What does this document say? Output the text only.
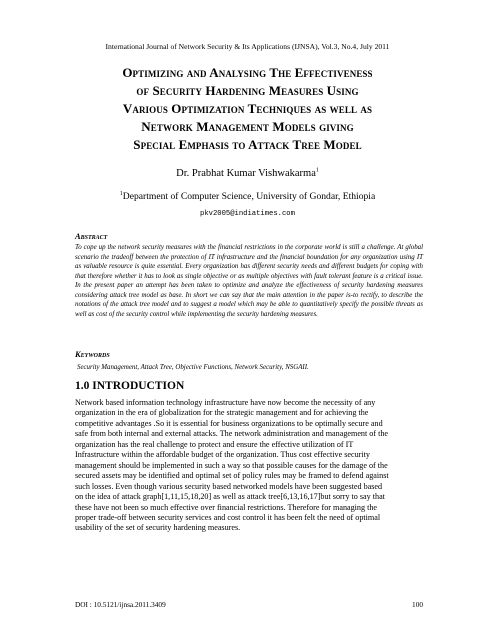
International Journal of Network Security & Its Applications (IJNSA), Vol.3, No.4, July 2011
Optimizing and Analysing The Effectiveness
of Security Hardening Measures Using
Various Optimization Techniques as well as
Network Management Models giving
Special Emphasis to Attack Tree Model
Dr. Prabhat Kumar Vishwakarma$^1$
$^1$Department of Computer Science, University of Gondar, Ethiopia
pkv2005@indiatimes.com
Abstract
To cope up the network security measures with the financial restrictions in the corporate world is still a challenge. At global scenario the tradeoff between the protection of IT infrastructure and the financial boundation for any organization using IT as valuable resource is quite essential. Every organization has different security needs and different budgets for coping with that therefore whether it has to look as single objective or as multiple objectives with fault tolerant feature is a critical issue. In the present paper an attempt has been taken to optimize and analyze the effectiveness of security hardening measures considering attack tree model as base. In short we can say that the main attention in the paper is-to rectify, to describe the notations of the attack tree model and to suggest a model which may be able to quantitatively specify the possible threats as well as cost of the security control while implementing the security hardening measures.
Keywords
Security Management, Attack Tree, Objective Functions, Network Security, NSGAII.
1.0 INTRODUCTION
Network based information technology infrastructure have now become the necessity of any
organization in the era of globalization for the strategic management and for achieving the
competitive advantages .So it is essential for business organizations to be optimally secure and
safe from both internal and external attacks. The network administration and management of the
organization has the real challenge to protect and ensure the effective utilization of IT
Infrastructure within the affordable budget of the organization. Thus cost effective security
management should be implemented in such a way so that possible causes for the damage of the
secured assets may be identified and optimal set of policy rules may be framed to defend against
such losses. Even though various security based networked models have been suggested based
on the idea of attack graph[1,11,15,18,20] as well as attack tree[6,13,16,17]but sorry to say that
these have not been so much effective over financial restrictions. Therefore for managing the
proper trade-off between security services and cost control it has been felt the need of optimal
usability of the set of security hardening measures.
DOI : 10.5121/ijnsa.2011.3409	100
